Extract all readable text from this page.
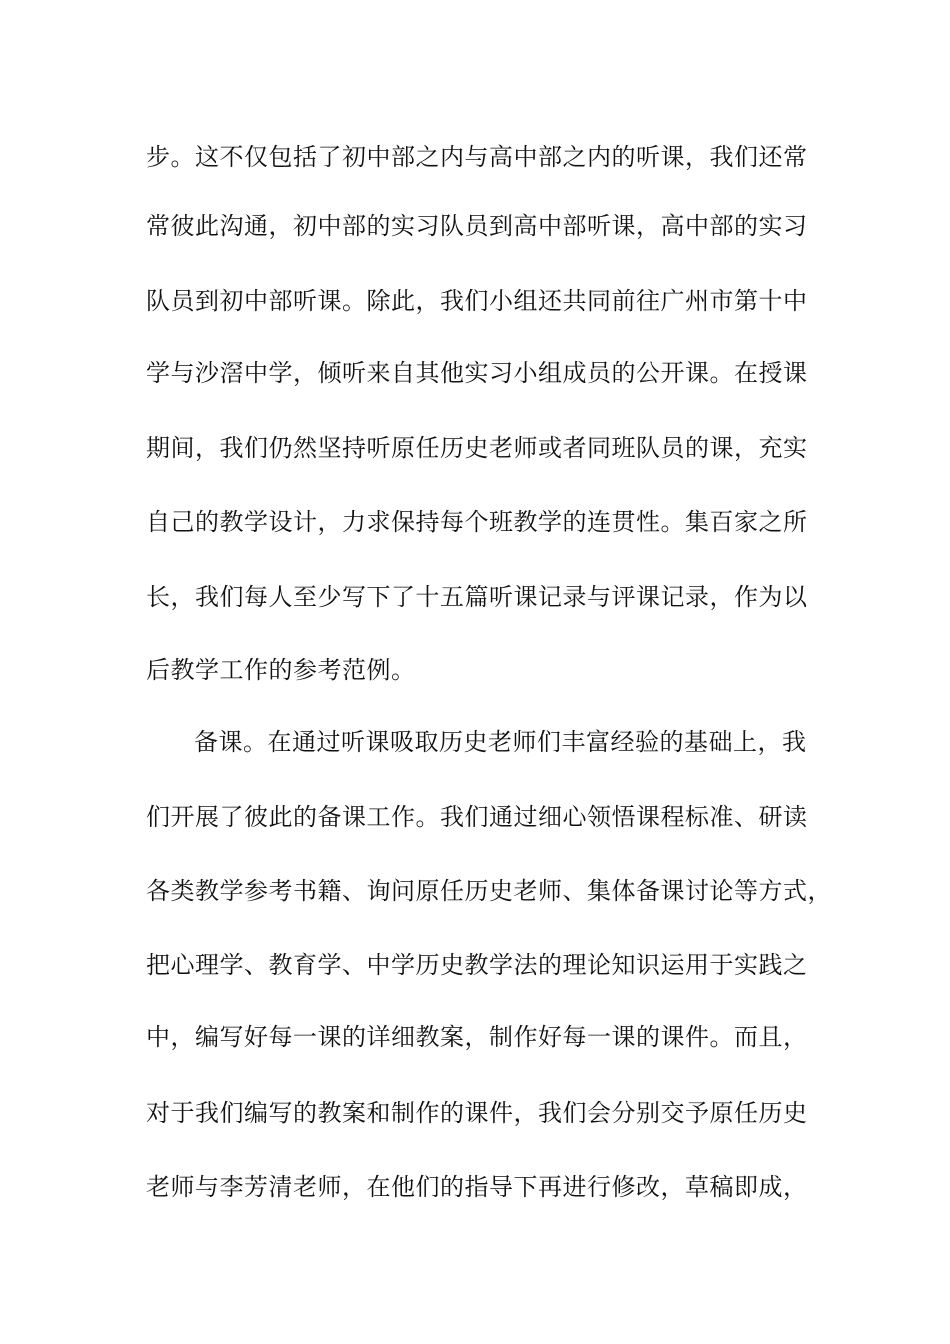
步。这不仅包括了初中部之内与高中部之内的听课，我们还常
常彼此沟通，初中部的实习队员到高中部听课，高中部的实习
队员到初中部听课。除此，我们小组还共同前往广州市第十中
学与沙滘中学，倾听来自其他实习小组成员的公开课。在授课
期间，我们仍然坚持听原任历史老师或者同班队员的课，充实
自己的教学设计，力求保持每个班教学的连贯性。集百家之所
长，我们每人至少写下了十五篇听课记录与评课记录，作为以
后教学工作的参考范例。
备课。在通过听课吸取历史老师们丰富经验的基础上，我
们开展了彼此的备课工作。我们通过细心领悟课程标准、研读
各类教学参考书籍、询问原任历史老师、集体备课讨论等方式，
把心理学、教育学、中学历史教学法的理论知识运用于实践之
中，编写好每一课的详细教案，制作好每一课的课件。而且，
对于我们编写的教案和制作的课件，我们会分别交予原任历史
老师与李芳清老师，在他们的指导下再进行修改，草稿即成，
